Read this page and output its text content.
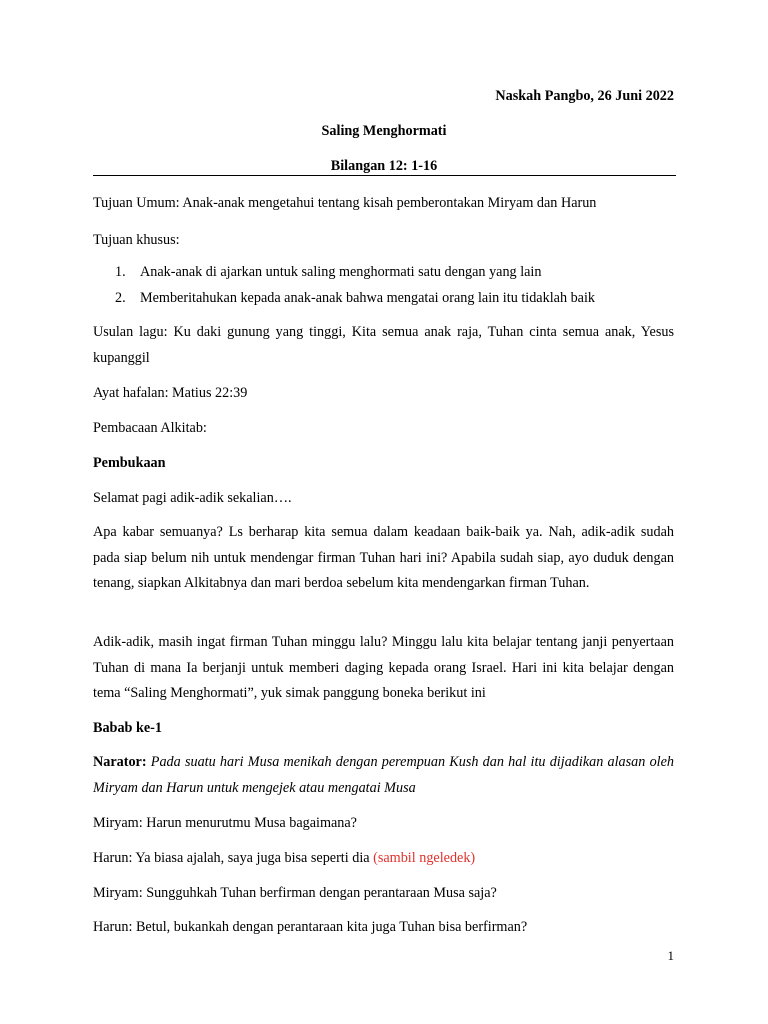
Naskah Pangbo, 26 Juni 2022
Saling Menghormati
Bilangan 12: 1-16
Tujuan Umum: Anak-anak mengetahui tentang kisah pemberontakan Miryam dan Harun
Tujuan khusus:
1. Anak-anak di ajarkan untuk saling menghormati satu dengan yang lain
2. Memberitahukan kepada anak-anak bahwa mengatai orang lain itu tidaklah baik
Usulan lagu: Ku daki gunung yang tinggi, Kita semua anak raja, Tuhan cinta semua anak, Yesus kupanggil
Ayat hafalan: Matius 22:39
Pembacaan Alkitab:
Pembukaan
Selamat pagi adik-adik sekalian….
Apa kabar semuanya? Ls berharap kita semua dalam keadaan baik-baik ya. Nah, adik-adik sudah pada siap belum nih untuk mendengar firman Tuhan hari ini? Apabila sudah siap, ayo duduk dengan tenang, siapkan Alkitabnya dan mari berdoa sebelum kita mendengarkan firman Tuhan.
Adik-adik, masih ingat firman Tuhan minggu lalu? Minggu lalu kita belajar tentang janji penyertaan Tuhan di mana Ia berjanji untuk memberi daging kepada orang Israel. Hari ini kita belajar dengan tema “Saling Menghormati”, yuk simak panggung boneka berikut ini
Babab ke-1
Narator: Pada suatu hari Musa menikah dengan perempuan Kush dan hal itu dijadikan alasan oleh Miryam dan Harun untuk mengejek atau mengatai Musa
Miryam: Harun menurutmu Musa bagaimana?
Harun: Ya biasa ajalah, saya juga bisa seperti dia (sambil ngeledek)
Miryam: Sungguhkah Tuhan berfirman dengan perantaraan Musa saja?
Harun: Betul, bukankah dengan perantaraan kita juga Tuhan bisa berfirman?
1
